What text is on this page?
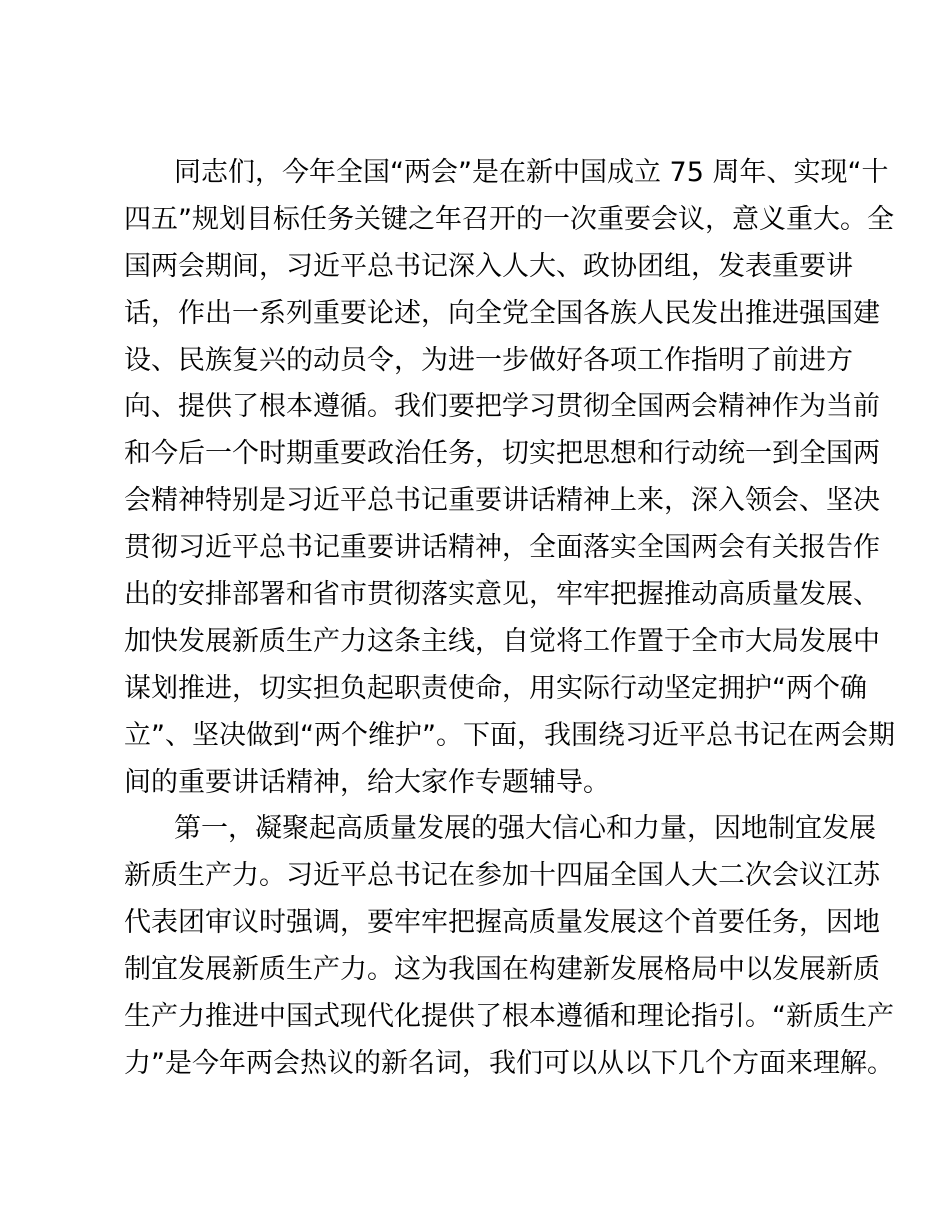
同志们，今年全国“两会”是在新中国成立 75 周年、实现“十
四五”规划目标任务关键之年召开的一次重要会议，意义重大。全
国两会期间，习近平总书记深入人大、政协团组，发表重要讲
话，作出一系列重要论述，向全党全国各族人民发出推进强国建
设、民族复兴的动员令，为进一步做好各项工作指明了前进方
向、提供了根本遵循。我们要把学习贯彻全国两会精神作为当前
和今后一个时期重要政治任务，切实把思想和行动统一到全国两
会精神特别是习近平总书记重要讲话精神上来，深入领会、坚决
贯彻习近平总书记重要讲话精神，全面落实全国两会有关报告作
出的安排部署和省市贯彻落实意见，牢牢把握推动高质量发展、
加快发展新质生产力这条主线，自觉将工作置于全市大局发展中
谋划推进，切实担负起职责使命，用实际行动坚定拥护“两个确
立”、坚决做到“两个维护”。下面，我围绕习近平总书记在两会期
间的重要讲话精神，给大家作专题辅导。
第一，凝聚起高质量发展的强大信心和力量，因地制宜发展
新质生产力。习近平总书记在参加十四届全国人大二次会议江苏
代表团审议时强调，要牢牢把握高质量发展这个首要任务，因地
制宜发展新质生产力。这为我国在构建新发展格局中以发展新质
生产力推进中国式现代化提供了根本遵循和理论指引。“新质生产
力”是今年两会热议的新名词，我们可以从以下几个方面来理解。
